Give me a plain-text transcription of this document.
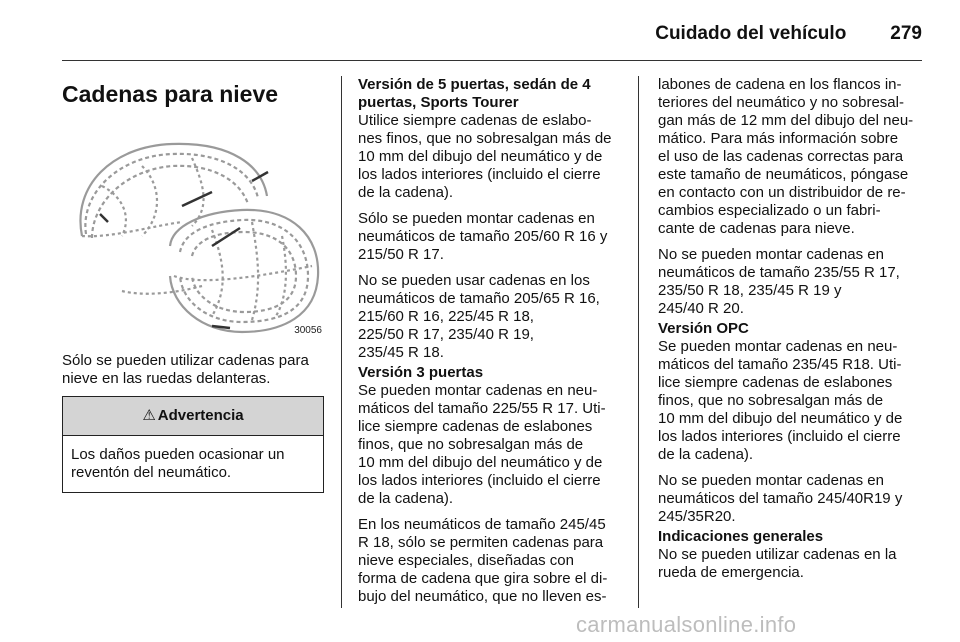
Cuidado del vehículo 279
Cadenas para nieve
30056

Sólo se pueden utilizar cadenas para
nieve en las ruedas delanteras.

⚠ Advertencia
Los daños pueden ocasionar un
reventón del neumático.
Versión de 5 puertas, sedán de 4
puertas, Sports Tourer

Utilice siempre cadenas de eslabo-
nes finos, que no sobresalgan más de
10 mm del dibujo del neumático y de
los lados interiores (incluido el cierre
de la cadena).

Sólo se pueden montar cadenas en
neumáticos de tamaño 205/60 R 16 y
215/50 R 17.

No se pueden usar cadenas en los
neumáticos de tamaño 205/65 R 16,
215/60 R 16, 225/45 R 18,
225/50 R 17, 235/40 R 19,
235/45 R 18.

Versión 3 puertas

Se pueden montar cadenas en neu-
máticos del tamaño 225/55 R 17. Uti-
lice siempre cadenas de eslabones
finos, que no sobresalgan más de
10 mm del dibujo del neumático y de
los lados interiores (incluido el cierre
de la cadena).

En los neumáticos de tamaño 245/45
R 18, sólo se permiten cadenas para
nieve especiales, diseñadas con
forma de cadena que gira sobre el di-
bujo del neumático, que no lleven es-

labones de cadena en los flancos in-
teriores del neumático y no sobresal-
gan más de 12 mm del dibujo del neu-
mático. Para más información sobre
el uso de las cadenas correctas para
este tamaño de neumáticos, póngase
en contacto con un distribuidor de re-
cambios especializado o un fabri-
cante de cadenas para nieve.

No se pueden montar cadenas en
neumáticos de tamaño 235/55 R 17,
235/50 R 18, 235/45 R 19 y
245/40 R 20.

Versión OPC

Se pueden montar cadenas en neu-
máticos del tamaño 235/45 R18. Uti-
lice siempre cadenas de eslabones
finos, que no sobresalgan más de
10 mm del dibujo del neumático y de
los lados interiores (incluido el cierre
de la cadena).

No se pueden montar cadenas en
neumáticos del tamaño 245/40R19 y
245/35R20.

Indicaciones generales

No se pueden utilizar cadenas en la
rueda de emergencia.

carmanualsonline.info
